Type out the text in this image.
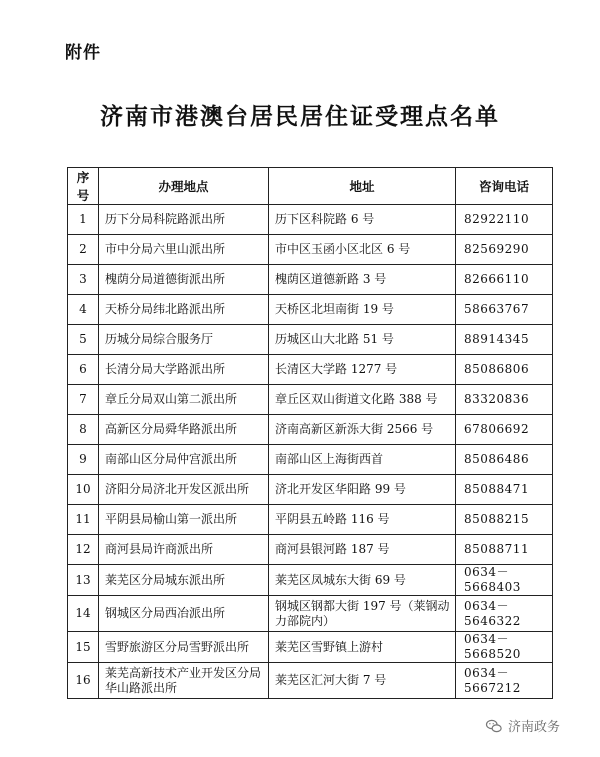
附件
济南市港澳台居民居住证受理点名单
序号	办理地点	地址	咨询电话
1	历下分局科院路派出所	历下区科院路 6 号	82922110
2	市中分局六里山派出所	市中区玉函小区北区 6 号	82569290
3	槐荫分局道德街派出所	槐荫区道德新路 3 号	82666110
4	天桥分局纬北路派出所	天桥区北坦南街 19 号	58663767
5	历城分局综合服务厅	历城区山大北路 51 号	88914345
6	长清分局大学路派出所	长清区大学路 1277 号	85086806
7	章丘分局双山第二派出所	章丘区双山街道文化路 388 号	83320836
8	高新区分局舜华路派出所	济南高新区新泺大街 2566 号	67806692
9	南部山区分局仲宫派出所	南部山区上海街西首	85086486
10	济阳分局济北开发区派出所	济北开发区华阳路 99 号	85088471
11	平阴县局榆山第一派出所	平阴县五岭路 116 号	85088215
12	商河县局许商派出所	商河县银河路 187 号	85088711
13	莱芜区分局城东派出所	莱芜区凤城东大街 69 号	0634－5668403
14	钢城区分局西冶派出所	钢城区钢都大街 197 号（莱钢动力部院内）	0634－5646322
15	雪野旅游区分局雪野派出所	莱芜区雪野镇上游村	0634－5668520
16	莱芜高新技术产业开发区分局华山路派出所	莱芜区汇河大街 7 号	0634－5667212
济南政务
